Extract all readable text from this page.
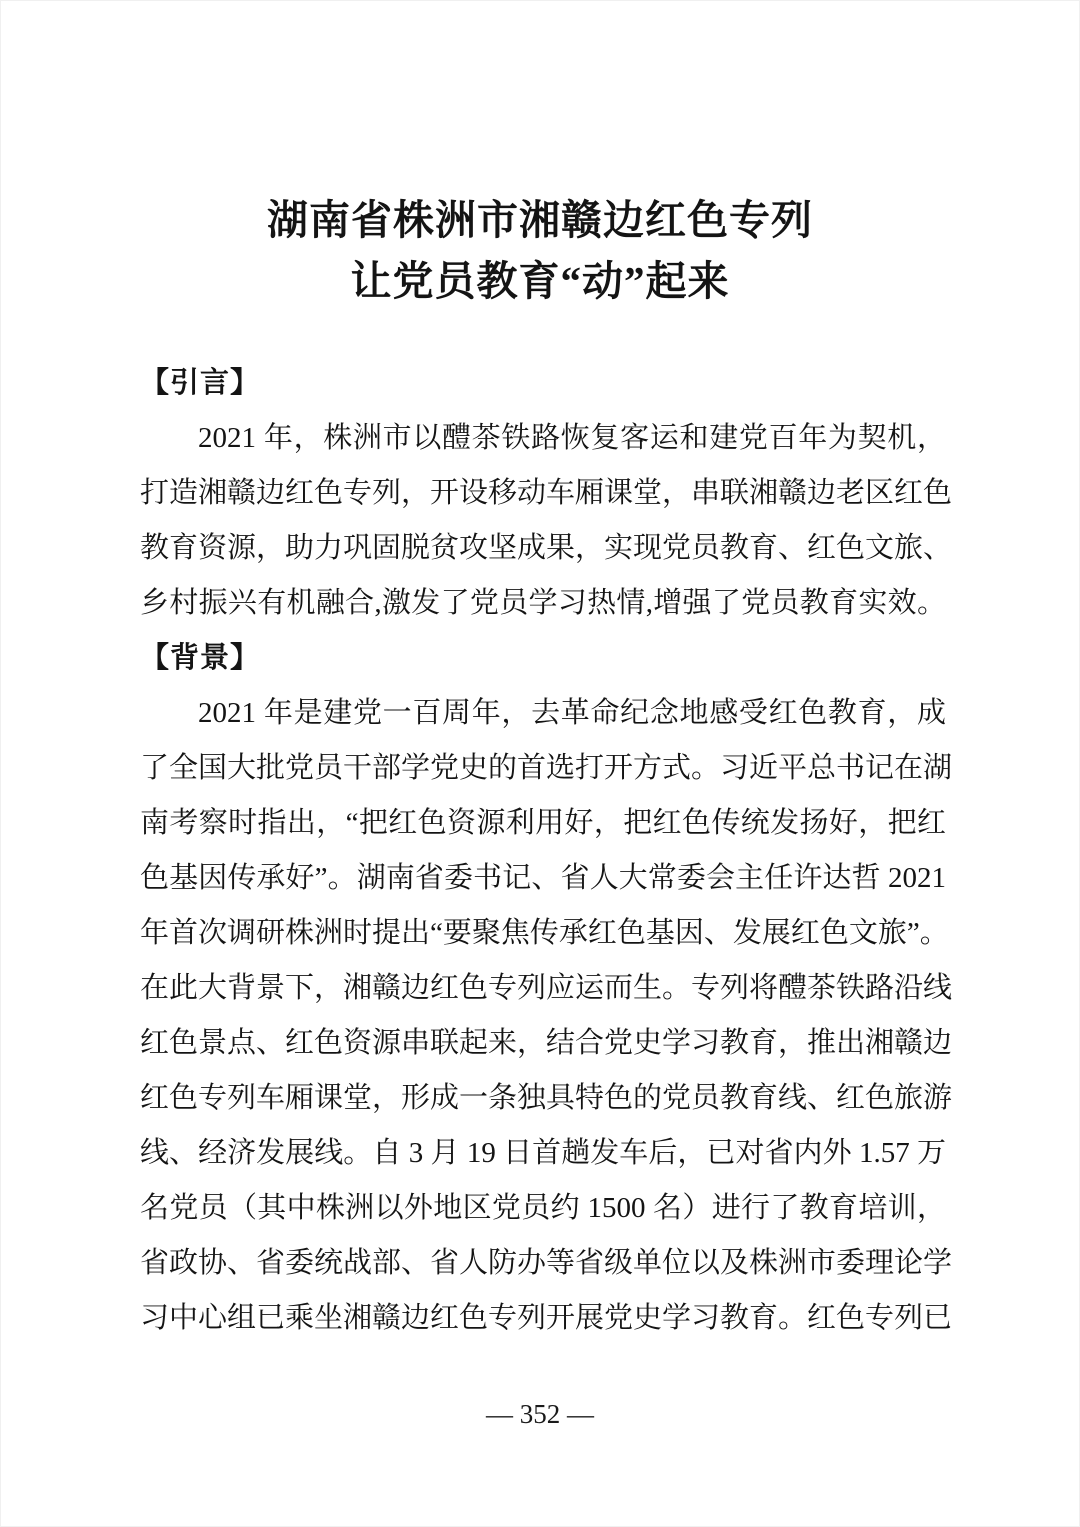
湖南省株洲市湘赣边红色专列
让党员教育“动”起来
【引言】
2021 年，株洲市以醴茶铁路恢复客运和建党百年为契机，
打造湘赣边红色专列，开设移动车厢课堂，串联湘赣边老区红色
教育资源，助力巩固脱贫攻坚成果，实现党员教育、红色文旅、
乡村振兴有机融合,激发了党员学习热情,增强了党员教育实效。
【背景】
2021 年是建党一百周年，去革命纪念地感受红色教育，成
了全国大批党员干部学党史的首选打开方式。习近平总书记在湖
南考察时指出，“把红色资源利用好，把红色传统发扬好，把红
色基因传承好”。湖南省委书记、省人大常委会主任许达哲 2021
年首次调研株洲时提出“要聚焦传承红色基因、发展红色文旅”。
在此大背景下，湘赣边红色专列应运而生。专列将醴茶铁路沿线
红色景点、红色资源串联起来，结合党史学习教育，推出湘赣边
红色专列车厢课堂，形成一条独具特色的党员教育线、红色旅游
线、经济发展线。自 3 月 19 日首趟发车后，已对省内外 1.57 万
名党员（其中株洲以外地区党员约 1500 名）进行了教育培训，
省政协、省委统战部、省人防办等省级单位以及株洲市委理论学
习中心组已乘坐湘赣边红色专列开展党史学习教育。红色专列已
— 352 —
